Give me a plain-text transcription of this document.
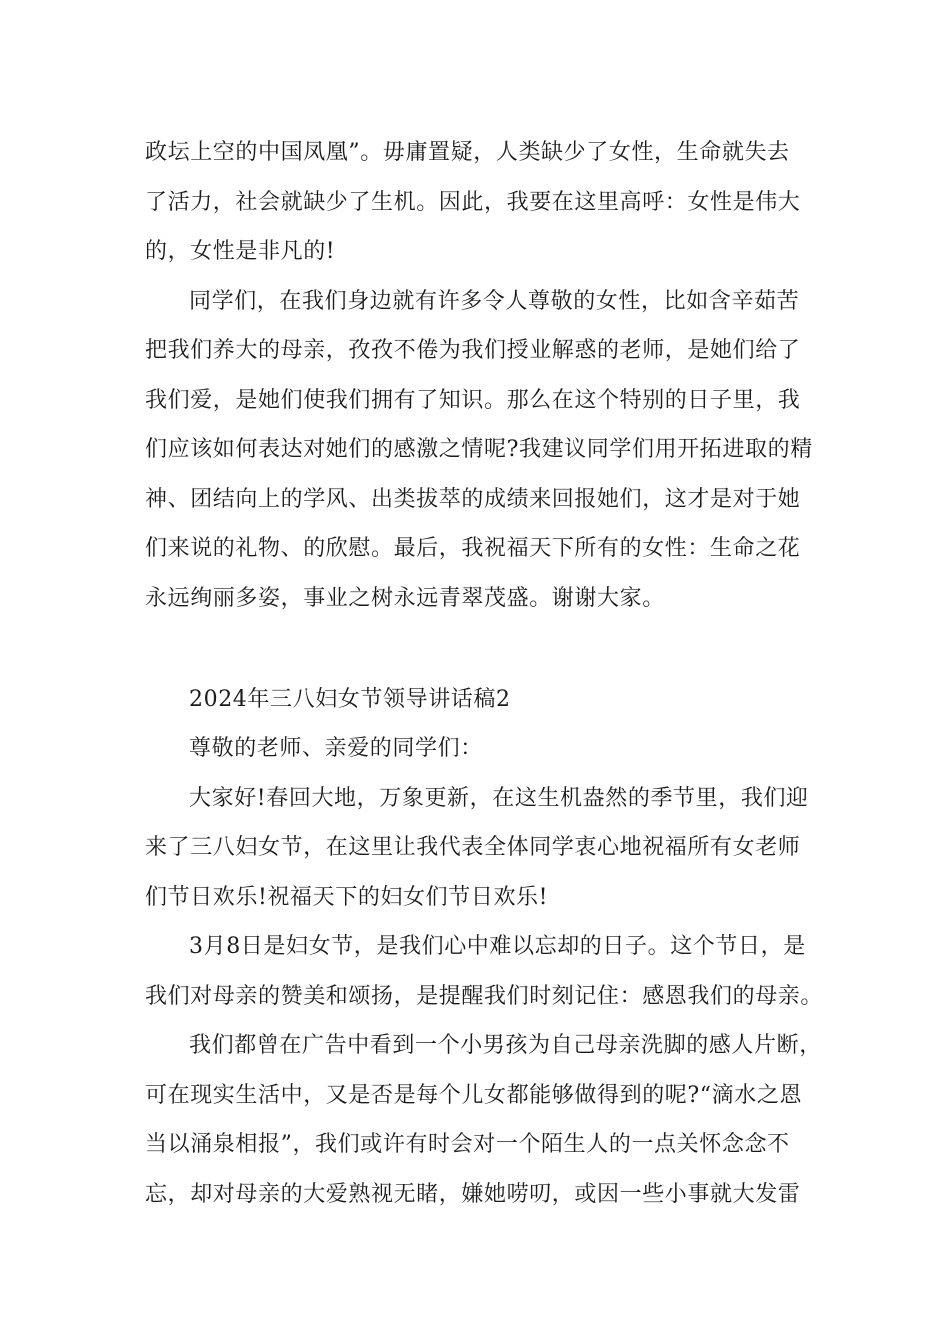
政坛上空的中国凤凰”。毋庸置疑，人类缺少了女性，生命就失去
了活力，社会就缺少了生机。因此，我要在这里高呼：女性是伟大
的，女性是非凡的!
同学们，在我们身边就有许多令人尊敬的女性，比如含辛茹苦
把我们养大的母亲，孜孜不倦为我们授业解惑的老师，是她们给了
我们爱，是她们使我们拥有了知识。那么在这个特别的日子里，我
们应该如何表达对她们的感激之情呢?我建议同学们用开拓进取的精
神、团结向上的学风、出类拔萃的成绩来回报她们，这才是对于她
们来说的礼物、的欣慰。最后，我祝福天下所有的女性：生命之花
永远绚丽多姿，事业之树永远青翠茂盛。谢谢大家。
2024年三八妇女节领导讲话稿2
尊敬的老师、亲爱的同学们：
大家好!春回大地，万象更新，在这生机盎然的季节里，我们迎
来了三八妇女节，在这里让我代表全体同学衷心地祝福所有女老师
们节日欢乐!祝福天下的妇女们节日欢乐!
3月8日是妇女节，是我们心中难以忘却的日子。这个节日，是
我们对母亲的赞美和颂扬，是提醒我们时刻记住：感恩我们的母亲。
我们都曾在广告中看到一个小男孩为自己母亲洗脚的感人片断，
可在现实生活中，又是否是每个儿女都能够做得到的呢?“滴水之恩
当以涌泉相报”，我们或许有时会对一个陌生人的一点关怀念念不
忘，却对母亲的大爱熟视无睹，嫌她唠叨，或因一些小事就大发雷
